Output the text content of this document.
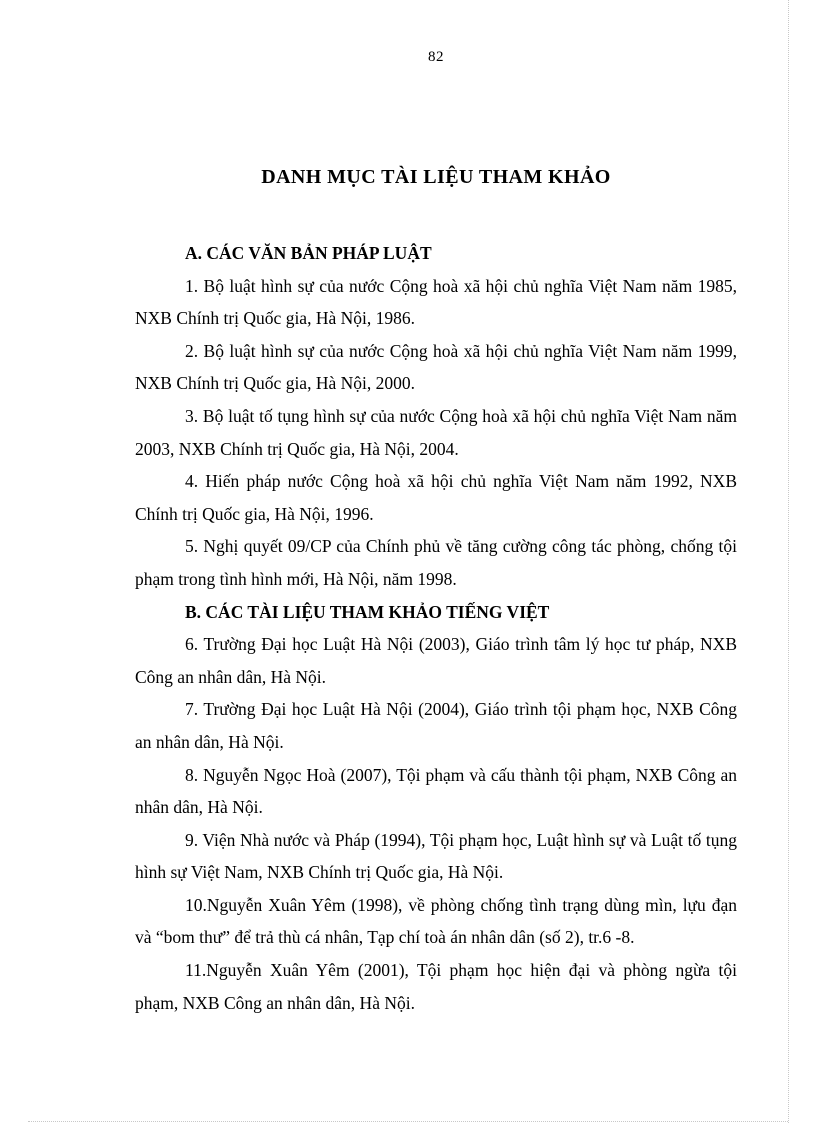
82
DANH MỤC TÀI LIỆU THAM KHẢO

A. CÁC VĂN BẢN PHÁP LUẬT

1. Bộ luật hình sự của nước Cộng hoà xã hội chủ nghĩa Việt Nam năm 1985, NXB Chính trị Quốc gia, Hà Nội, 1986.

2. Bộ luật hình sự của nước Cộng hoà xã hội chủ nghĩa Việt Nam năm 1999, NXB Chính trị Quốc gia, Hà Nội, 2000.

3. Bộ luật tố tụng hình sự của nước Cộng hoà xã hội chủ nghĩa Việt Nam năm 2003, NXB Chính trị Quốc gia, Hà Nội, 2004.

4. Hiến pháp nước Cộng hoà xã hội chủ nghĩa Việt Nam năm 1992, NXB Chính trị Quốc gia, Hà Nội, 1996.

5. Nghị quyết 09/CP của Chính phủ về tăng cường công tác phòng, chống tội phạm trong tình hình mới, Hà Nội, năm 1998.

B. CÁC TÀI LIỆU THAM KHẢO TIẾNG VIỆT

6. Trường Đại học Luật Hà Nội (2003), Giáo trình tâm lý học tư pháp, NXB Công an nhân dân, Hà Nội.

7. Trường Đại học Luật Hà Nội (2004), Giáo trình tội phạm học, NXB Công an nhân dân, Hà Nội.

8. Nguyễn Ngọc Hoà (2007), Tội phạm và cấu thành tội phạm, NXB Công an nhân dân, Hà Nội.

9. Viện Nhà nước và Pháp (1994), Tội phạm học, Luật hình sự và Luật tố tụng hình sự Việt Nam, NXB Chính trị Quốc gia, Hà Nội.

10.Nguyễn Xuân Yêm (1998), về phòng chống tình trạng dùng mìn, lựu đạn và “bom thư” để trả thù cá nhân, Tạp chí toà án nhân dân (số 2), tr.6 -8.

11.Nguyễn Xuân Yêm (2001), Tội phạm học hiện đại và phòng ngừa tội phạm, NXB Công an nhân dân, Hà Nội.
